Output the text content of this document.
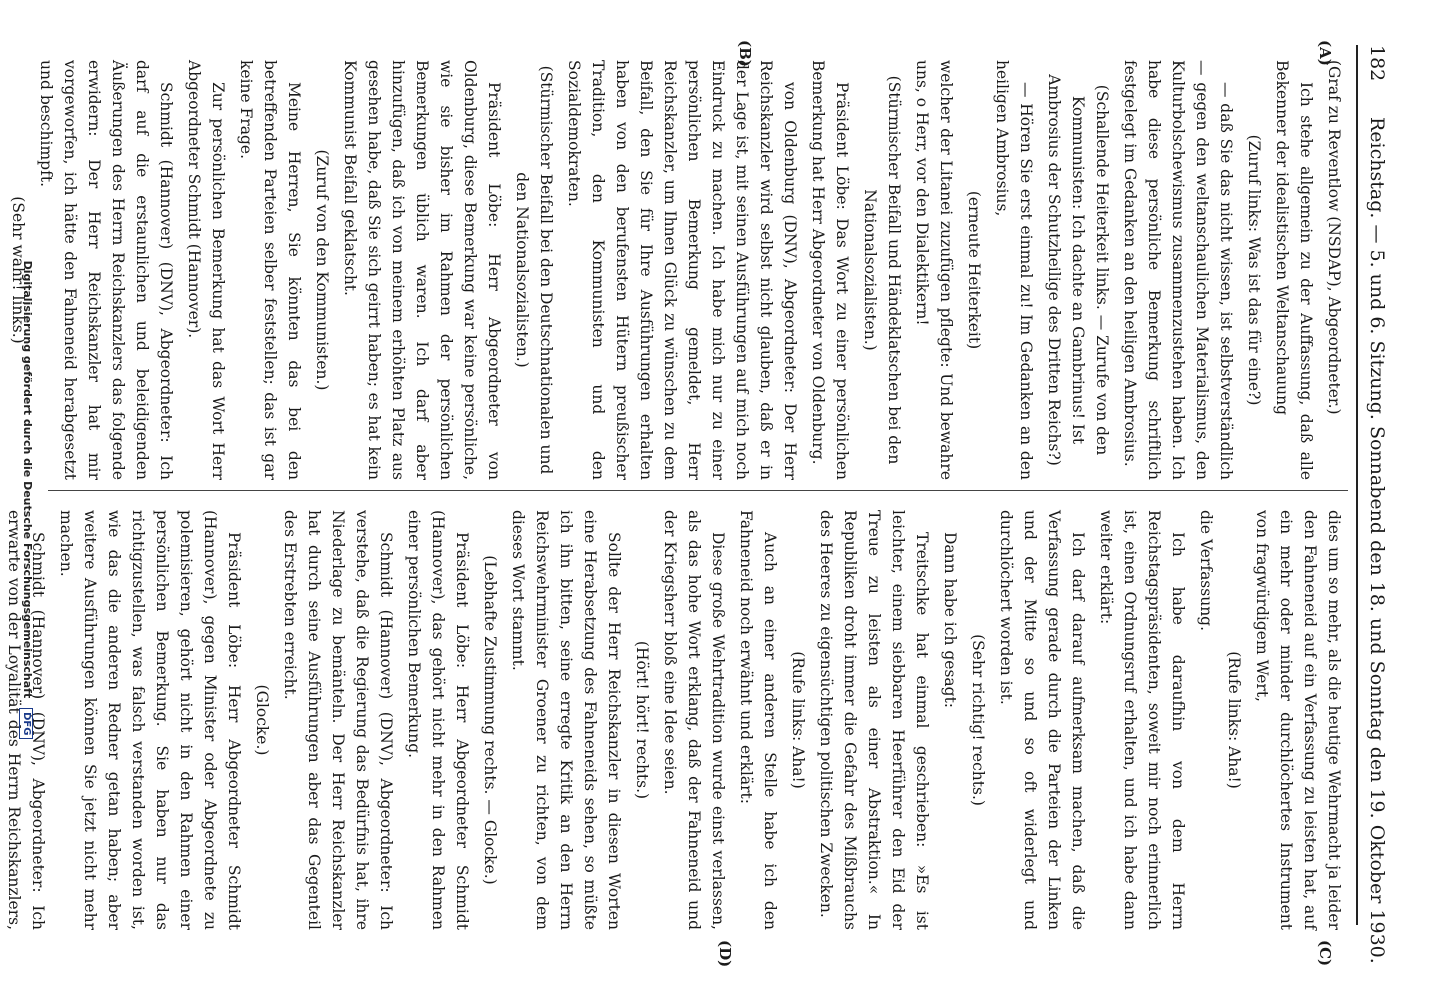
182
Reichstag. — 5. und 6. Sitzung. Sonnabend den 18. und Sonntag den 19. Oktober 1930.
(A)
(B)
(C)
(D)

(Graf zu Reventlow (NSDAP), Abgeordneter.)

Ich stehe allgemein zu der Auffassung, daß alle Bekenner der idealistischen Weltanschauung

(Zuruf links: Was ist das für eine?)

— daß Sie das nicht wissen, ist selbstverständlich — gegen den weltanschaulichen Materialismus, den Kulturbolschewismus zusammenzustehen haben. Ich habe diese persönliche Bemerkung schriftlich festgelegt im Gedanken an den heiligen Ambrosius.

(Schallende Heiterkeit links. — Zurufe von den Kommunisten: Ich dachte an Gambrinus! Ist Ambrosius der Schutzheilige des Dritten Reichs?)

— Hören Sie erst einmal zu! Im Gedanken an den heiligen Ambrosius,

(erneute Heiterkeit)

welcher der Litanei zuzufügen pflegte: Und bewahre uns, o Herr, vor den Dialektikern!

(Stürmischer Beifall und Händeklatschen bei den Nationalsozialisten.)

Präsident Löbe: Das Wort zu einer persönlichen Bemerkung hat Herr Abgeordneter von Oldenburg.

von Oldenburg (DNV), Abgeordneter: Der Herr Reichskanzler wird selbst nicht glauben, daß er in der Lage ist, mit seinen Ausführungen auf mich noch Eindruck zu machen. Ich habe mich nur zu einer persönlichen Bemerkung gemeldet, Herr Reichskanzler, um Ihnen Glück zu wünschen zu dem Beifall, den Sie für Ihre Ausführungen erhalten haben von den berufensten Hütern preußischer Tradition, den Kommunisten und den Sozialdemokraten.

(Stürmischer Beifall bei den Deutschnationalen und den Nationalsozialisten.)

Präsident Löbe: Herr Abgeordneter von Oldenburg, diese Bemerkung war keine persönliche, wie sie bisher im Rahmen der persönlichen Bemerkungen üblich waren. Ich darf aber hinzufügen, daß ich von meinem erhöhten Platz aus gesehen habe, daß Sie sich geirrt haben; es hat kein Kommunist Beifall geklatscht.

(Zuruf von den Kommunisten.)

Meine Herren, Sie könnten das bei den betreffenden Parteien selber feststellen; das ist gar keine Frage.

Zur persönlichen Bemerkung hat das Wort Herr Abgeordneter Schmidt (Hannover).

Schmidt (Hannover) (DNV), Abgeordneter: Ich darf auf die erstaunlichen und beleidigenden Äußerungen des Herrn Reichskanzlers das folgende erwidern: Der Herr Reichskanzler hat mir vorgeworfen, ich hätte den Fahneneid herabgesetzt und beschimpft.

(Sehr wahr! links.)

dies um so mehr, als die heutige Wehrmacht ja leider den Fahneneid auf ein Verfassung zu leisten hat, auf ein mehr oder minder durchlöchertes Instrument von fragwürdigem Wert,

(Rufe links: Aha!)

die Verfassung.

Ich habe daraufhin von dem Herrn Reichstagspräsidenten, soweit mir noch erinnerlich ist, einen Ordnungsruf erhalten, und ich habe dann weiter erklärt:

Ich darf darauf aufmerksam machen, daß die Verfassung gerade durch die Parteien der Linken und der Mitte so und so oft widerlegt und durchlöchert worden ist.

(Sehr richtig! rechts.)

Dann habe ich gesagt:

Treitschke hat einmal geschrieben: »Es ist leichter, einem siebbaren Heerführer den Eid der Treue zu leisten als einer Abstraktion.« In Republiken droht immer die Gefahr des Mißbrauchs des Heeres zu eigensüchtigen politischen Zwecken.

(Rufe links: Aha!)

Auch an einer anderen Stelle habe ich den Fahneneid noch erwähnt und erklärt:

Diese große Wehrtradition wurde einst verlassen, als das hohe Wort erklang, daß der Fahneneid und der Kriegsherr bloß eine Idee seien.

(Hört! hört! rechts.)

Sollte der Herr Reichskanzler in diesen Worten eine Herabsetzung des Fahneneids sehen, so müßte ich ihn bitten, seine erregte Kritik an den Herrn Reichswehrminister Groener zu richten, von dem dieses Wort stammt.

(Lebhafte Zustimmung rechts. — Glocke.)

Präsident Löbe: Herr Abgeordneter Schmidt (Hannover), das gehört nicht mehr in den Rahmen einer persönlichen Bemerkung.

Schmidt (Hannover) (DNV), Abgeordneter: Ich verstehe, daß die Regierung das Bedürfnis hat, ihre Niederlage zu bemänteln. Der Herr Reichskanzler hat durch seine Ausführungen aber das Gegenteil des Erstrebten erreicht.

(Glocke.)

Präsident Löbe: Herr Abgeordneter Schmidt (Hannover), gegen Minister oder Abgeordnete zu polemisieren, gehört nicht in den Rahmen einer persönlichen Bemerkung. Sie haben nur das richtigzustellen, was falsch verstanden worden ist, wie das die anderen Redner getan haben; aber weitere Ausführungen können Sie jetzt nicht mehr machen.

Schmidt (Hannover) (DNV), Abgeordneter: Ich erwarte von der Loyalität des Herrn Reichskanzlers,

Digitalisierung gefördert durch die Deutsche Forschungsgemeinschaft DFG
